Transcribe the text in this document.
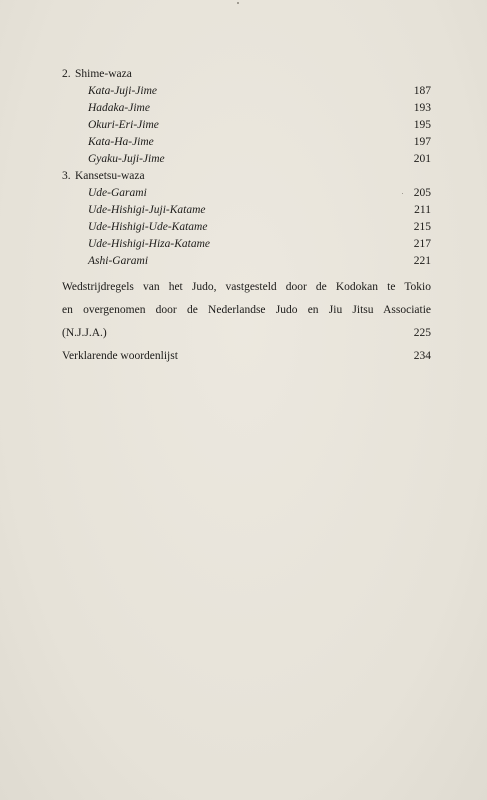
2. Shime-waza
Kata-Juji-Jime	187
Hadaka-Jime	193
Okuri-Eri-Jime	195
Kata-Ha-Jime	197
Gyaku-Juji-Jime	201
3. Kansetsu-waza
Ude-Garami	205
Ude-Hishigi-Juji-Katame	211
Ude-Hishigi-Ude-Katame	215
Ude-Hishigi-Hiza-Katame	217
Ashi-Garami	221
Wedstrijdregels van het Judo, vastgesteld door de Kodokan te Tokio
en overgenomen door de Nederlandse Judo en Jiu Jitsu Associatie
(N.J.J.A.)	225
Verklarende woordenlijst	234
